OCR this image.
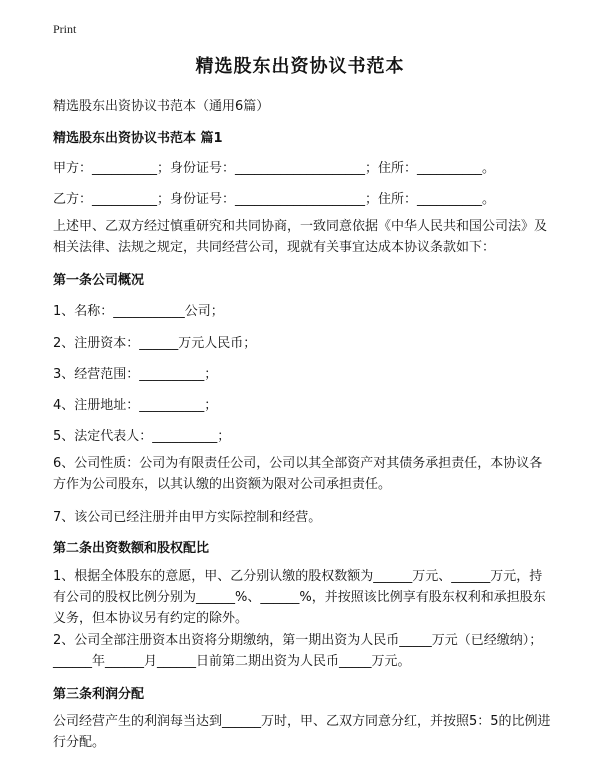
Print
精选股东出资协议书范本
精选股东出资协议书范本（通用6篇）
精选股东出资协议书范本 篇1
甲方：__________；身份证号：____________________；住所：__________。
乙方：__________；身份证号：____________________；住所：__________。
上述甲、乙双方经过慎重研究和共同协商，一致同意依据《中华人民共和国公司法》及相关法律、法规之规定，共同经营公司，现就有关事宜达成本协议条款如下：
第一条公司概况
1、名称：___________公司；
2、注册资本：______万元人民币；
3、经营范围：__________；
4、注册地址：__________；
5、法定代表人：__________；
6、公司性质：公司为有限责任公司，公司以其全部资产对其债务承担责任，本协议各方作为公司股东，以其认缴的出资额为限对公司承担责任。
7、该公司已经注册并由甲方实际控制和经营。
第二条出资数额和股权配比
1、根据全体股东的意愿，甲、乙分别认缴的股权数额为______万元、______万元，持有公司的股权比例分别为______%、______%，并按照该比例享有股东权利和承担股东义务，但本协议另有约定的除外。
2、公司全部注册资本出资将分期缴纳，第一期出资为人民币_____万元（已经缴纳）；______年______月______日前第二期出资为人民币_____万元。
第三条利润分配
公司经营产生的利润每当达到______万时，甲、乙双方同意分红，并按照5：5的比例进行分配。
